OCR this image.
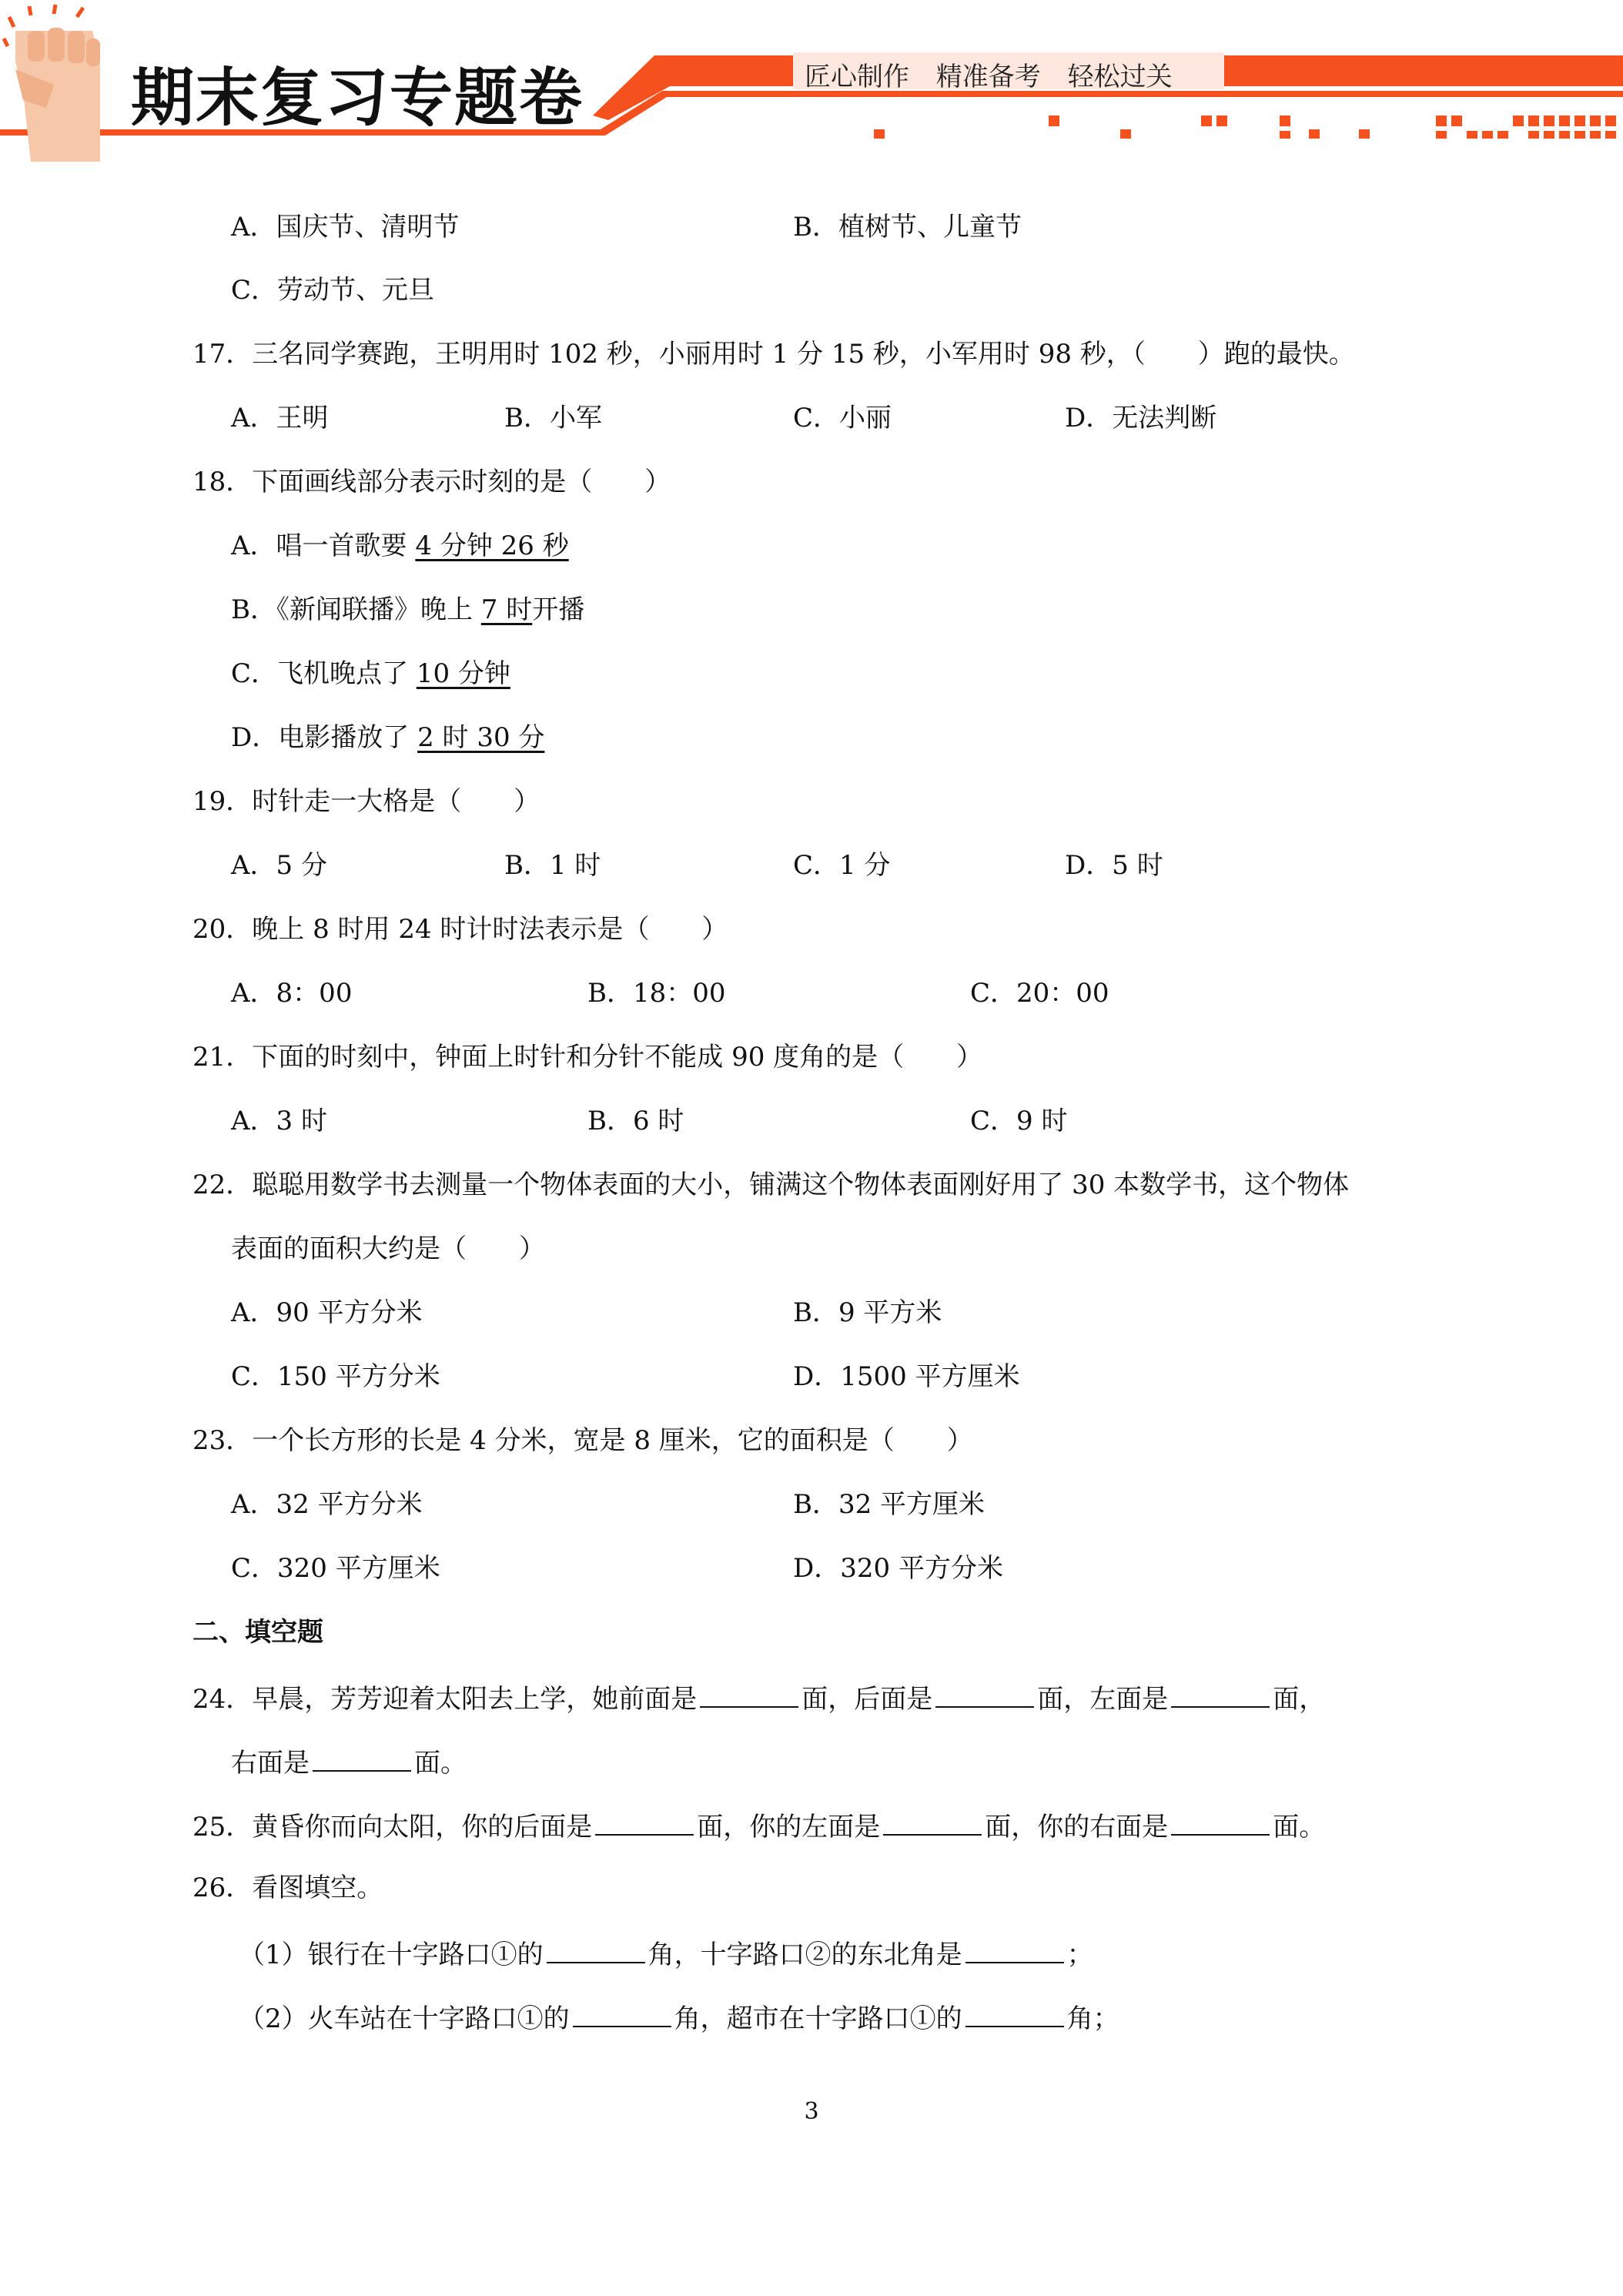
期末复习专题卷	匠心制作 精准备考 轻松过关
A．国庆节、清明节	B．植树节、儿童节
C．劳动节、元旦
17．三名同学赛跑，王明用时 102 秒，小丽用时 1 分 15 秒，小军用时 98 秒，（　　）跑的最快。
A．王明	B．小军	C．小丽	D．无法判断
18．下面画线部分表示时刻的是（　　）
A．唱一首歌要 4 分钟 26 秒
B．《新闻联播》晚上 7 时开播
C．飞机晚点了 10 分钟
D．电影播放了 2 时 30 分
19．时针走一大格是（　　）
A．5 分	B．1 时	C．1 分	D．5 时
20．晚上 8 时用 24 时计时法表示是（　　）
A．8：00	B．18：00	C．20：00
21．下面的时刻中，钟面上时针和分针不能成 90 度角的是（　　）
A．3 时	B．6 时	C．9 时
22．聪聪用数学书去测量一个物体表面的大小，铺满这个物体表面刚好用了 30 本数学书，这个物体
表面的面积大约是（　　）
A．90 平方分米	B．9 平方米
C．150 平方分米	D．1500 平方厘米
23．一个长方形的长是 4 分米，宽是 8 厘米，它的面积是（　　）
A．32 平方分米	B．32 平方厘米
C．320 平方厘米	D．320 平方分米
二、填空题
24．早晨，芳芳迎着太阳去上学，她前面是	面，后面是	面，左面是	面，
右面是	面。
25．黄昏你而向太阳，你的后面是	面，你的左面是	面，你的右面是	面。
26．看图填空。
（1）银行在十字路口①的	角，十字路口②的东北角是	；
（2）火车站在十字路口①的	角，超市在十字路口①的	角；
3
